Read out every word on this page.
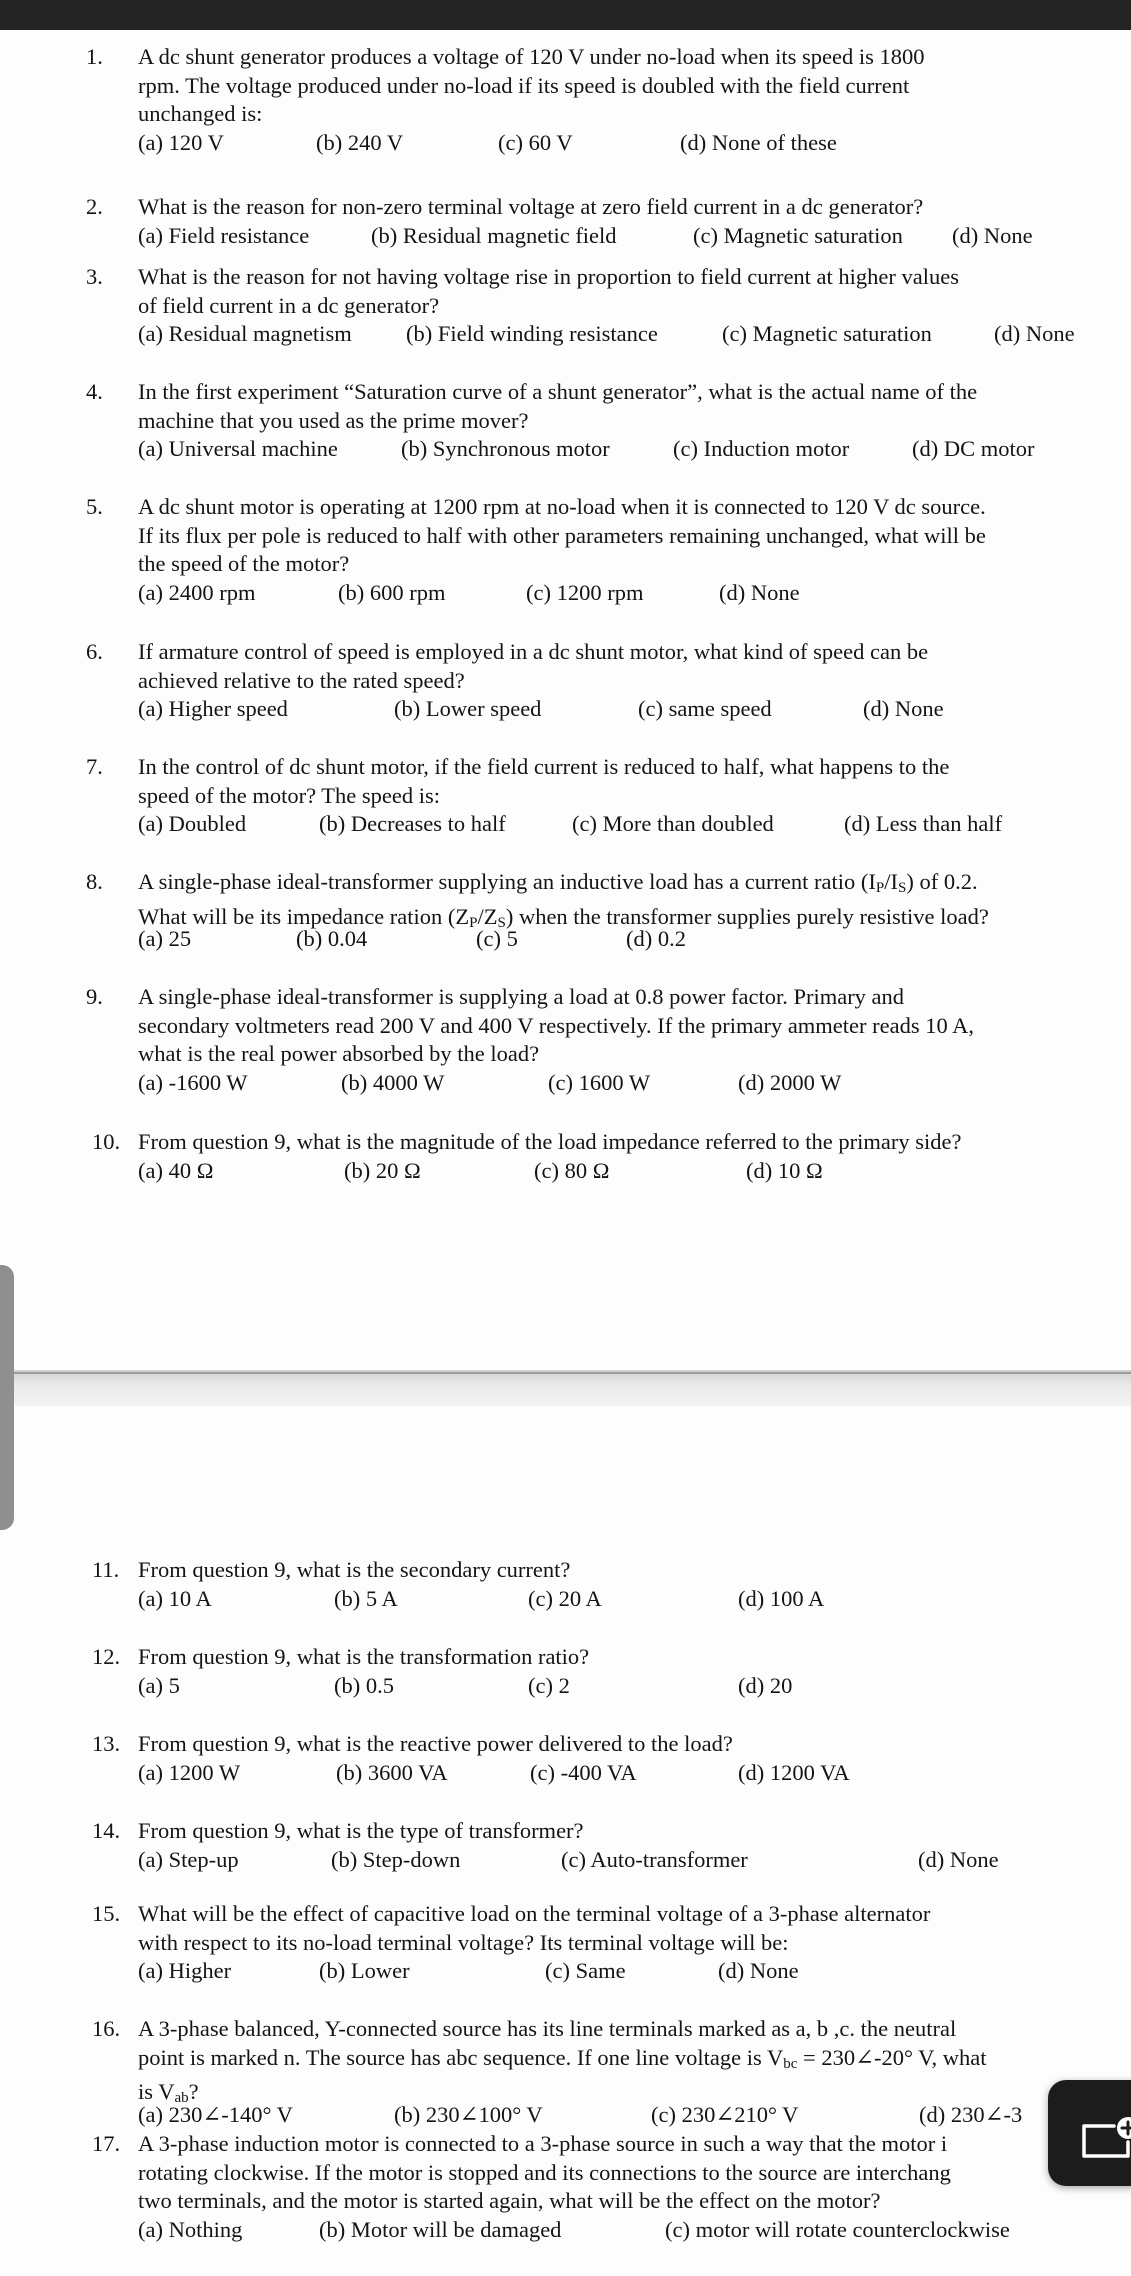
1. A dc shunt generator produces a voltage of 120 V under no-load when its speed is 1800
rpm. The voltage produced under no-load if its speed is doubled with the field current
unchanged is:
(a) 120 V	(b) 240 V	(c) 60 V	(d) None of these
2. What is the reason for non-zero terminal voltage at zero field current in a dc generator?
(a) Field resistance	(b) Residual magnetic field	(c) Magnetic saturation (d) None
3. What is the reason for not having voltage rise in proportion to field current at higher values
of field current in a dc generator?
(a) Residual magnetism (b) Field winding resistance	(c) Magnetic saturation	(d) None
4. In the first experiment “Saturation curve of a shunt generator”, what is the actual name of the
machine that you used as the prime mover?
(a) Universal machine	(b) Synchronous motor	(c) Induction motor	(d) DC motor
5. A dc shunt motor is operating at 1200 rpm at no-load when it is connected to 120 V dc source.
If its flux per pole is reduced to half with other parameters remaining unchanged, what will be
the speed of the motor?
(a) 2400 rpm	(b) 600 rpm	(c) 1200 rpm	(d) None
6. If armature control of speed is employed in a dc shunt motor, what kind of speed can be
achieved relative to the rated speed?
(a) Higher speed	(b) Lower speed	(c) same speed	(d) None
7. In the control of dc shunt motor, if the field current is reduced to half, what happens to the
speed of the motor? The speed is:
(a) Doubled	(b) Decreases to half	(c) More than doubled	(d) Less than half
8. A single-phase ideal-transformer supplying an inductive load has a current ratio $(I_P/I_S)$ of 0.2.
What will be its impedance ration $(Z_P/Z_S)$ when the transformer supplies purely resistive load?
(a) 25	(b) 0.04	(c) 5	(d) 0.2
9. A single-phase ideal-transformer is supplying a load at 0.8 power factor. Primary and
secondary voltmeters read 200 V and 400 V respectively. If the primary ammeter reads 10 A,
what is the real power absorbed by the load?
(a) -1600 W	(b) 4000 W	(c) 1600 W	(d) 2000 W
10. From question 9, what is the magnitude of the load impedance referred to the primary side?
(a) 40 Ω	(b) 20 Ω	(c) 80 Ω	(d) 10 Ω
11. From question 9, what is the secondary current?
(a) 10 A	(b) 5 A	(c) 20 A	(d) 100 A
12. From question 9, what is the transformation ratio?
(a) 5	(b) 0.5	(c) 2	(d) 20
13. From question 9, what is the reactive power delivered to the load?
(a) 1200 W	(b) 3600 VA	(c) -400 VA	(d) 1200 VA
14. From question 9, what is the type of transformer?
(a) Step-up	(b) Step-down	(c) Auto-transformer	(d) None
15. What will be the effect of capacitive load on the terminal voltage of a 3-phase alternator
with respect to its no-load terminal voltage? Its terminal voltage will be:
(a) Higher	(b) Lower	(c) Same	(d) None
16. A 3-phase balanced, Y-connected source has its line terminals marked as a, b ,c. the neutral
point is marked n. The source has abc sequence. If one line voltage is $V_{bc}$ = 230∠-20° V, what
is $V_{ab}$?
(a) 230∠-140° V	(b) 230∠100° V	(c) 230∠210° V	(d) 230∠-3
17. A 3-phase induction motor is connected to a 3-phase source in such a way that the motor i
rotating clockwise. If the motor is stopped and its connections to the source are interchang
two terminals, and the motor is started again, what will be the effect on the motor?
(a) Nothing	(b) Motor will be damaged	(c) motor will rotate counterclockwise
